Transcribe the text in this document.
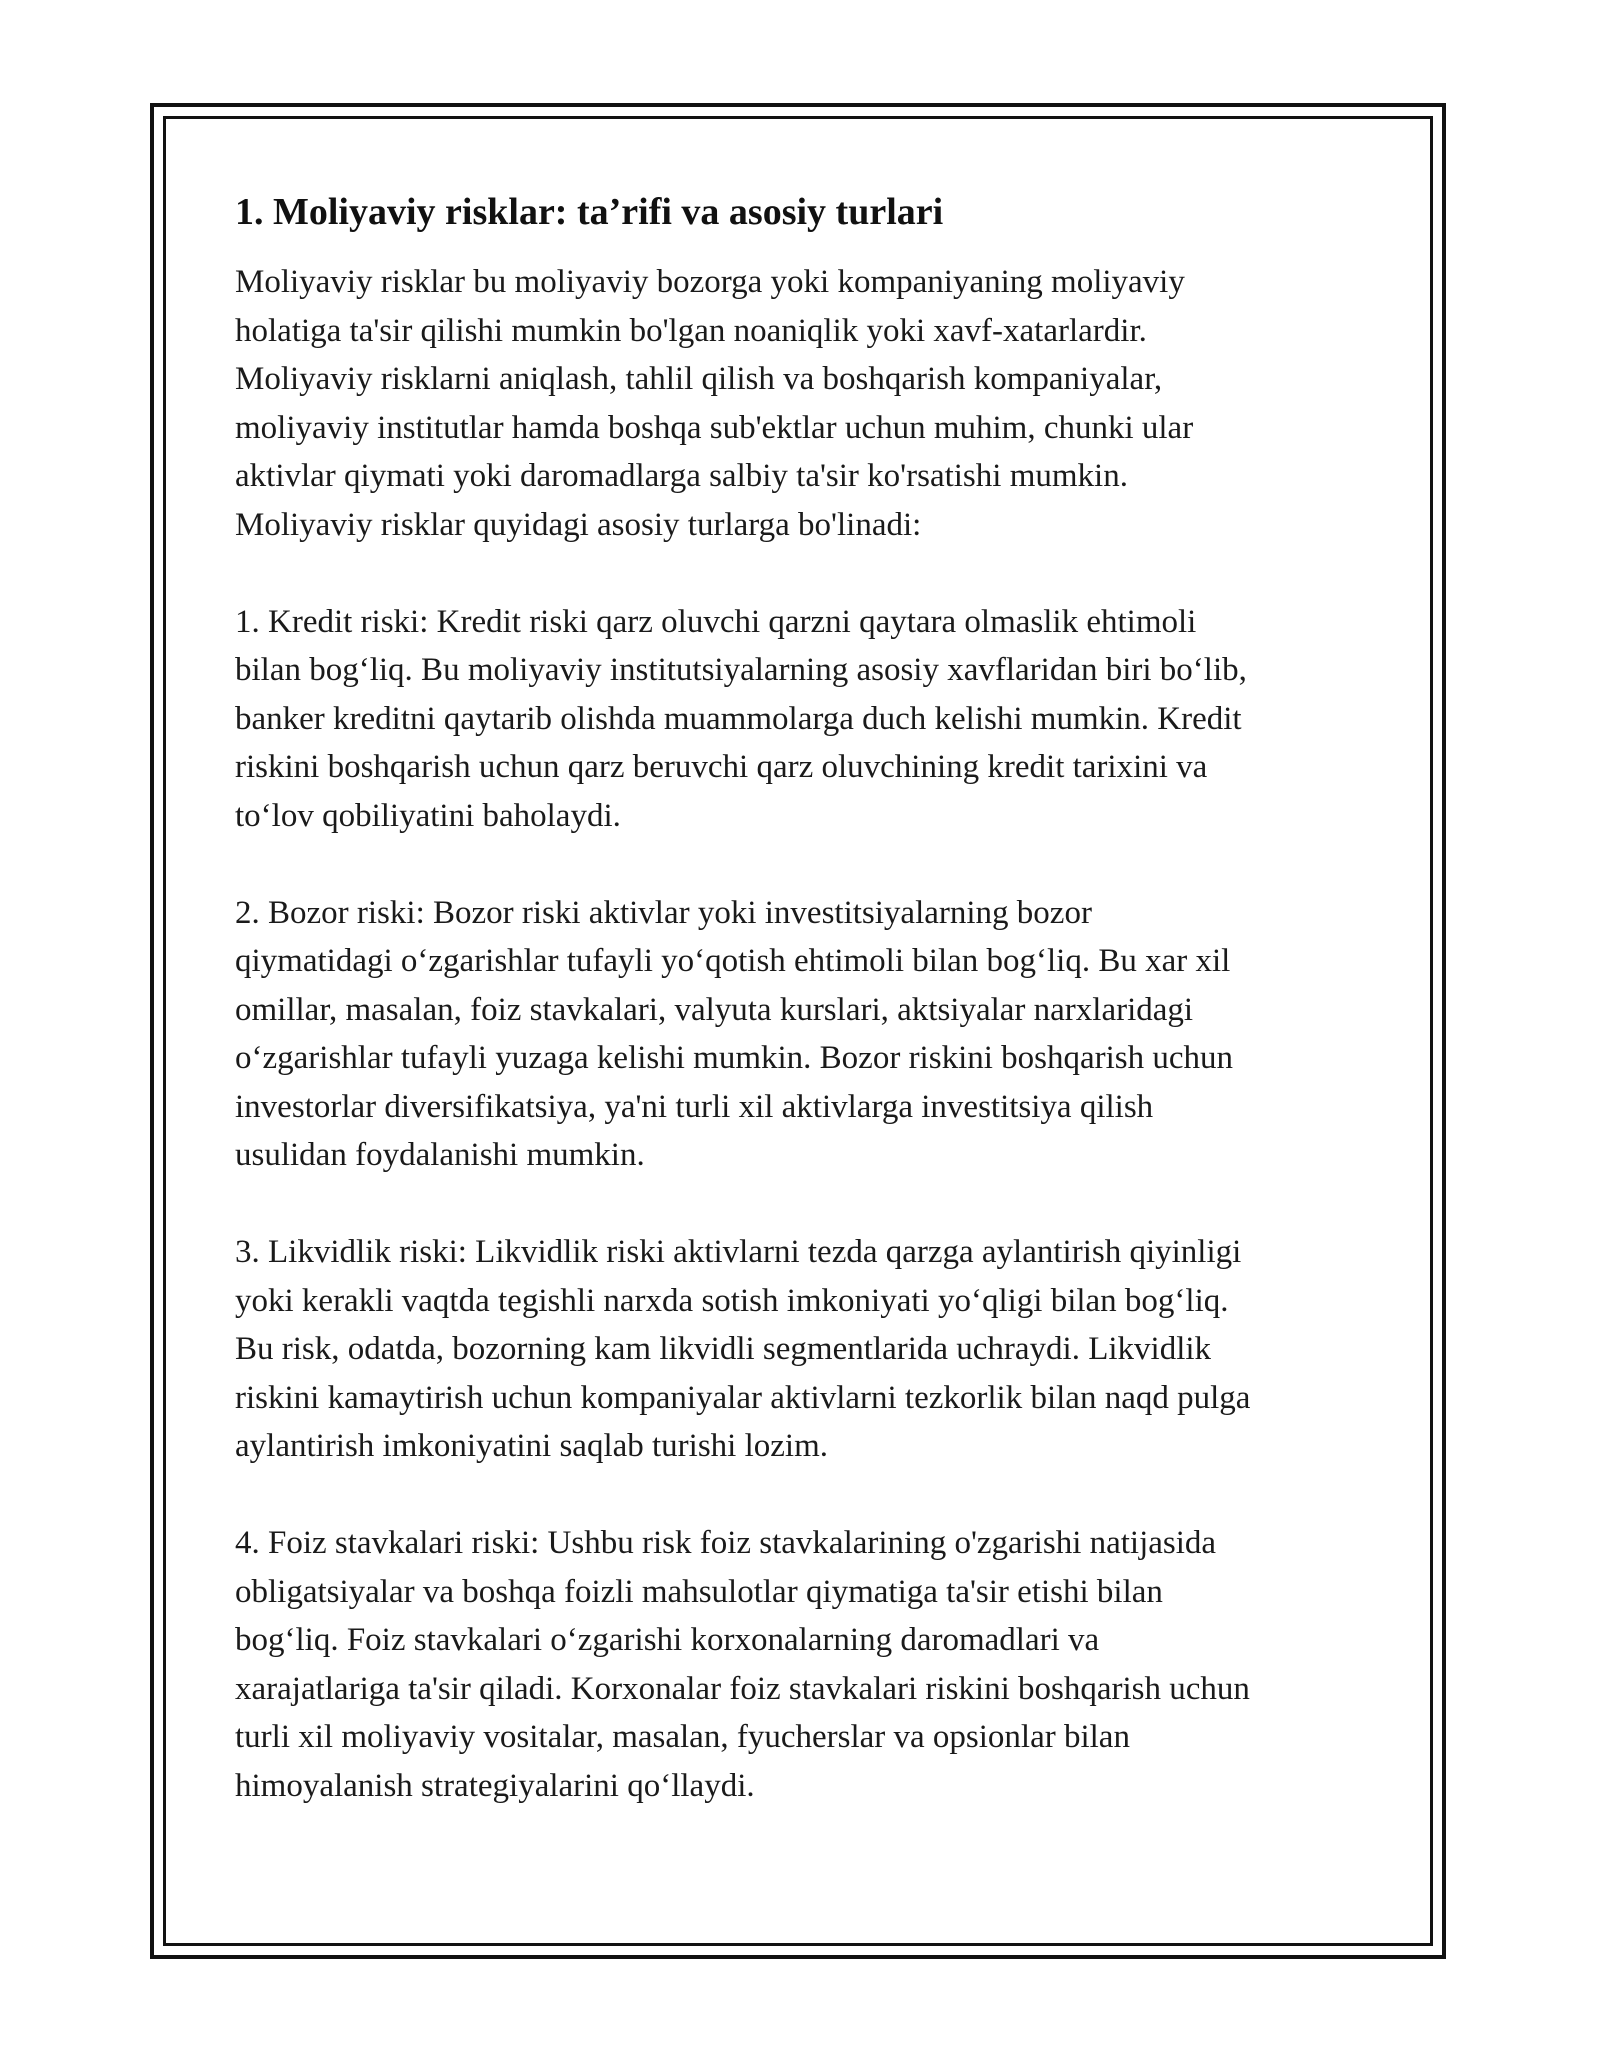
1. Moliyaviy risklar: ta’rifi va asosiy turlari

Moliyaviy risklar bu moliyaviy bozorga yoki kompaniyaning moliyaviy
holatiga ta'sir qilishi mumkin bo'lgan noaniqlik yoki xavf-xatarlardir.
Moliyaviy risklarni aniqlash, tahlil qilish va boshqarish kompaniyalar,
moliyaviy institutlar hamda boshqa sub'ektlar uchun muhim, chunki ular
aktivlar qiymati yoki daromadlarga salbiy ta'sir ko'rsatishi mumkin.
Moliyaviy risklar quyidagi asosiy turlarga bo'linadi:

1. Kredit riski: Kredit riski qarz oluvchi qarzni qaytara olmaslik ehtimoli
bilan bog‘liq. Bu moliyaviy institutsiyalarning asosiy xavflaridan biri bo‘lib,
banker kreditni qaytarib olishda muammolarga duch kelishi mumkin. Kredit
riskini boshqarish uchun qarz beruvchi qarz oluvchining kredit tarixini va
to‘lov qobiliyatini baholaydi.

2. Bozor riski: Bozor riski aktivlar yoki investitsiyalarning bozor
qiymatidagi o‘zgarishlar tufayli yo‘qotish ehtimoli bilan bog‘liq. Bu xar xil
omillar, masalan, foiz stavkalari, valyuta kurslari, aktsiyalar narxlaridagi
o‘zgarishlar tufayli yuzaga kelishi mumkin. Bozor riskini boshqarish uchun
investorlar diversifikatsiya, ya'ni turli xil aktivlarga investitsiya qilish
usulidan foydalanishi mumkin.

3. Likvidlik riski: Likvidlik riski aktivlarni tezda qarzga aylantirish qiyinligi
yoki kerakli vaqtda tegishli narxda sotish imkoniyati yo‘qligi bilan bog‘liq.
Bu risk, odatda, bozorning kam likvidli segmentlarida uchraydi. Likvidlik
riskini kamaytirish uchun kompaniyalar aktivlarni tezkorlik bilan naqd pulga
aylantirish imkoniyatini saqlab turishi lozim.

4. Foiz stavkalari riski: Ushbu risk foiz stavkalarining o'zgarishi natijasida
obligatsiyalar va boshqa foizli mahsulotlar qiymatiga ta'sir etishi bilan
bog‘liq. Foiz stavkalari o‘zgarishi korxonalarning daromadlari va
xarajatlariga ta'sir qiladi. Korxonalar foiz stavkalari riskini boshqarish uchun
turli xil moliyaviy vositalar, masalan, fyucherslar va opsionlar bilan
himoyalanish strategiyalarini qo‘llaydi.
